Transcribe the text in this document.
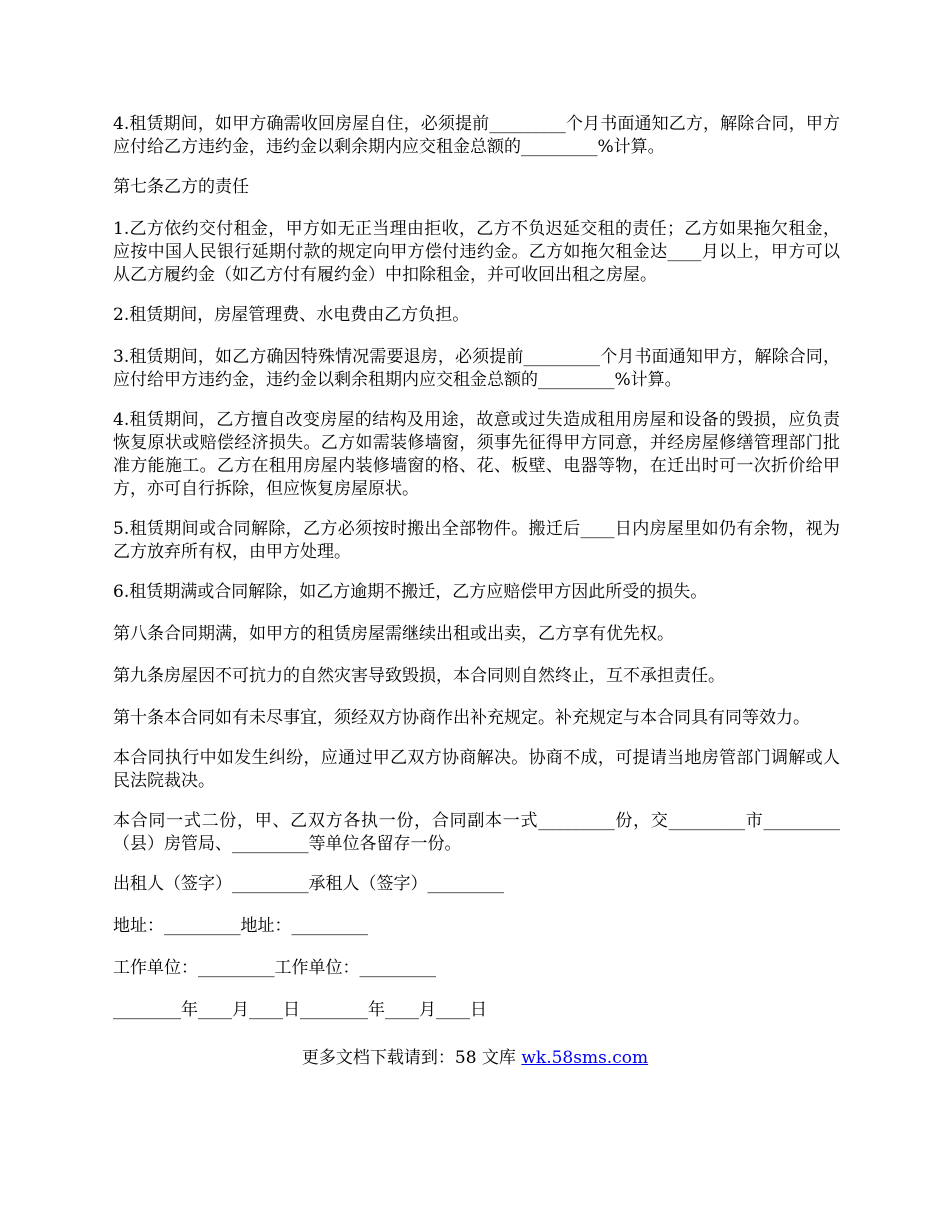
4.租赁期间，如甲方确需收回房屋自住，必须提前_________个月书面通知乙方，解除合同，甲方应付给乙方违约金，违约金以剩余期内应交租金总额的_________%计算。

第七条乙方的责任

1.乙方依约交付租金，甲方如无正当理由拒收，乙方不负迟延交租的责任；乙方如果拖欠租金，应按中国人民银行延期付款的规定向甲方偿付违约金。乙方如拖欠租金达____月以上，甲方可以从乙方履约金（如乙方付有履约金）中扣除租金，并可收回出租之房屋。

2.租赁期间，房屋管理费、水电费由乙方负担。

3.租赁期间，如乙方确因特殊情况需要退房，必须提前_________个月书面通知甲方，解除合同，应付给甲方违约金，违约金以剩余租期内应交租金总额的_________%计算。

4.租赁期间，乙方擅自改变房屋的结构及用途，故意或过失造成租用房屋和设备的毁损，应负责恢复原状或赔偿经济损失。乙方如需装修墙窗，须事先征得甲方同意，并经房屋修缮管理部门批准方能施工。乙方在租用房屋内装修墙窗的格、花、板壁、电器等物，在迁出时可一次折价给甲方，亦可自行拆除，但应恢复房屋原状。

5.租赁期间或合同解除，乙方必须按时搬出全部物件。搬迁后____日内房屋里如仍有余物，视为乙方放弃所有权，由甲方处理。

6.租赁期满或合同解除，如乙方逾期不搬迁，乙方应赔偿甲方因此所受的损失。

第八条合同期满，如甲方的租赁房屋需继续出租或出卖，乙方享有优先权。

第九条房屋因不可抗力的自然灾害导致毁损，本合同则自然终止，互不承担责任。

第十条本合同如有未尽事宜，须经双方协商作出补充规定。补充规定与本合同具有同等效力。

本合同执行中如发生纠纷，应通过甲乙双方协商解决。协商不成，可提请当地房管部门调解或人民法院裁决。

本合同一式二份，甲、乙双方各执一份，合同副本一式_________份，交_________市_________（县）房管局、_________等单位各留存一份。

出租人（签字）_________承租人（签字）_________

地址：_________地址：_________

工作单位：_________工作单位：_________

________年____月____日________年____月____日

更多文档下载请到：58 文库 wk.58sms.com
